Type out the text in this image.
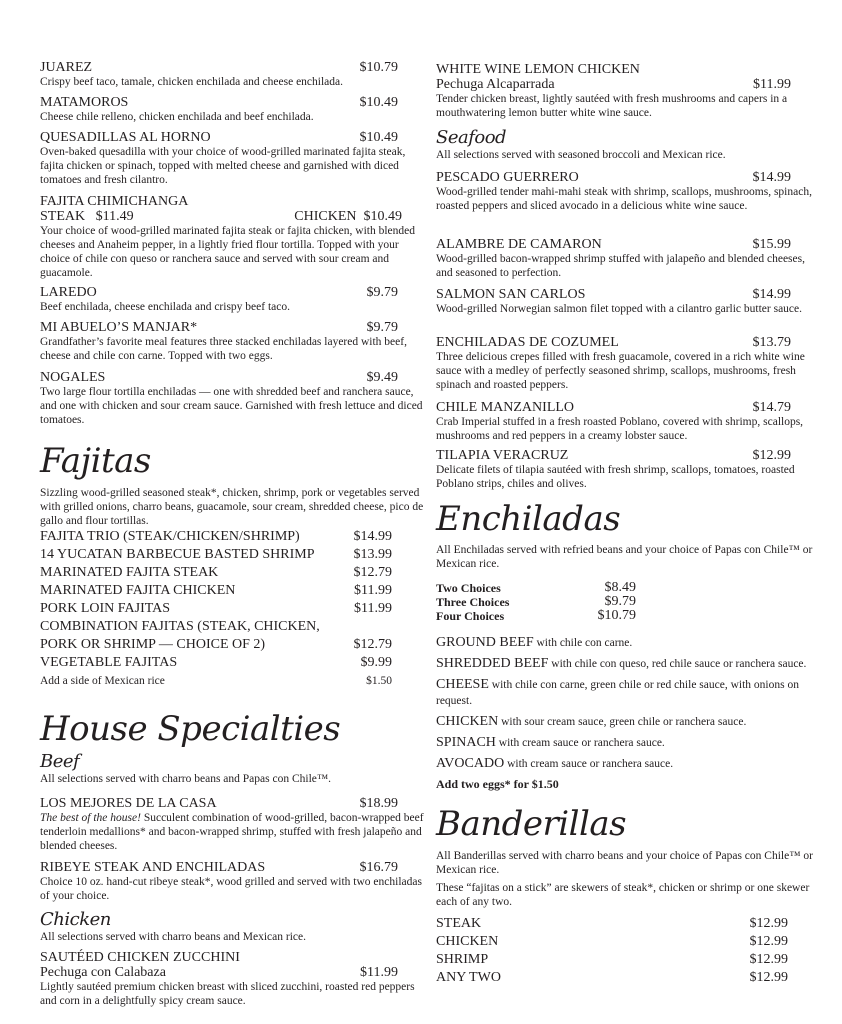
JUAREZ	$10.79
Crispy beef taco, tamale, chicken enchilada and cheese enchilada.
MATAMOROS	$10.49
Cheese chile relleno, chicken enchilada and beef enchilada.
QUESADILLAS AL HORNO	$10.49
Oven-baked quesadilla with your choice of wood-grilled marinated fajita steak, fajita chicken or spinach, topped with melted cheese and garnished with diced tomatoes and fresh cilantro.
FAJITA CHIMICHANGA
STEAK   $11.49	CHICKEN  $10.49
Your choice of wood-grilled marinated fajita steak or fajita chicken, with blended cheeses and Anaheim pepper, in a lightly fried flour tortilla. Topped with your choice of chile con queso or ranchera sauce and served with sour cream and guacamole.
LAREDO	$9.79
Beef enchilada, cheese enchilada and crispy beef taco.
MI ABUELO’S MANJAR*	$9.79
Grandfather’s favorite meal features three stacked enchiladas layered with beef, cheese and chile con carne. Topped with two eggs.
NOGALES	$9.49
Two large flour tortilla enchiladas — one with shredded beef and ranchera sauce, and one with chicken and sour cream sauce. Garnished with fresh lettuce and diced tomatoes.
Fajitas
Sizzling wood-grilled seasoned steak*, chicken, shrimp, pork or vegetables served with grilled onions, charro beans, guacamole, sour cream, shredded cheese, pico de gallo and flour tortillas.
FAJITA TRIO (STEAK/CHICKEN/SHRIMP)	$14.99
14 YUCATAN BARBECUE BASTED SHRIMP	$13.99
MARINATED FAJITA STEAK	$12.79
MARINATED FAJITA CHICKEN	$11.99
PORK LOIN FAJITAS	$11.99
COMBINATION FAJITAS (STEAK, CHICKEN,
PORK OR SHRIMP — CHOICE OF 2)	$12.79
VEGETABLE FAJITAS	$9.99
Add a side of Mexican rice	$1.50
House Specialties
Beef
All selections served with charro beans and Papas con Chile™.
LOS MEJORES DE LA CASA	$18.99
The best of the house! Succulent combination of wood-grilled, bacon-wrapped beef tenderloin medallions* and bacon-wrapped shrimp, stuffed with fresh jalapeño and blended cheeses.
RIBEYE STEAK AND ENCHILADAS	$16.79
Choice 10 oz. hand-cut ribeye steak*, wood grilled and served with two enchiladas of your choice.
Chicken
All selections served with charro beans and Mexican rice.
SAUTÉED CHICKEN ZUCCHINI
Pechuga con Calabaza	$11.99
Lightly sautéed premium chicken breast with sliced zucchini, roasted red peppers and corn in a delightfully spicy cream sauce.
WHITE WINE LEMON CHICKEN
Pechuga Alcaparrada	$11.99
Tender chicken breast, lightly sautéed with fresh mushrooms and capers in a mouthwatering lemon butter white wine sauce.
Seafood
All selections served with seasoned broccoli and Mexican rice.
PESCADO GUERRERO	$14.99
Wood-grilled tender mahi-mahi steak with shrimp, scallops, mushrooms, spinach, roasted peppers and sliced avocado in a delicious white wine sauce.
ALAMBRE DE CAMARON	$15.99
Wood-grilled bacon-wrapped shrimp stuffed with jalapeño and blended cheeses, and seasoned to perfection.
SALMON SAN CARLOS	$14.99
Wood-grilled Norwegian salmon filet topped with a cilantro garlic butter sauce.
ENCHILADAS DE COZUMEL	$13.79
Three delicious crepes filled with fresh guacamole, covered in a rich white wine sauce with a medley of perfectly seasoned shrimp, scallops, mushrooms, fresh spinach and roasted peppers.
CHILE MANZANILLO	$14.79
Crab Imperial stuffed in a fresh roasted Poblano, covered with shrimp, scallops, mushrooms and red peppers in a creamy lobster sauce.
TILAPIA VERACRUZ	$12.99
Delicate filets of tilapia sautéed with fresh shrimp, scallops, tomatoes, roasted Poblano strips, chiles and olives.
Enchiladas
All Enchiladas served with refried beans and your choice of Papas con Chile™ or Mexican rice.
Two Choices	$8.49
Three Choices	$9.79
Four Choices	$10.79
GROUND BEEF with chile con carne.
SHREDDED BEEF with chile con queso, red chile sauce or ranchera sauce.
CHEESE with chile con carne, green chile or red chile sauce, with onions on request.
CHICKEN with sour cream sauce, green chile or ranchera sauce.
SPINACH with cream sauce or ranchera sauce.
AVOCADO with cream sauce or ranchera sauce.
Add two eggs* for $1.50
Banderillas
All Banderillas served with charro beans and your choice of Papas con Chile™ or Mexican rice.
These “fajitas on a stick” are skewers of steak*, chicken or shrimp or one skewer each of any two.
STEAK	$12.99
CHICKEN	$12.99
SHRIMP	$12.99
ANY TWO	$12.99
